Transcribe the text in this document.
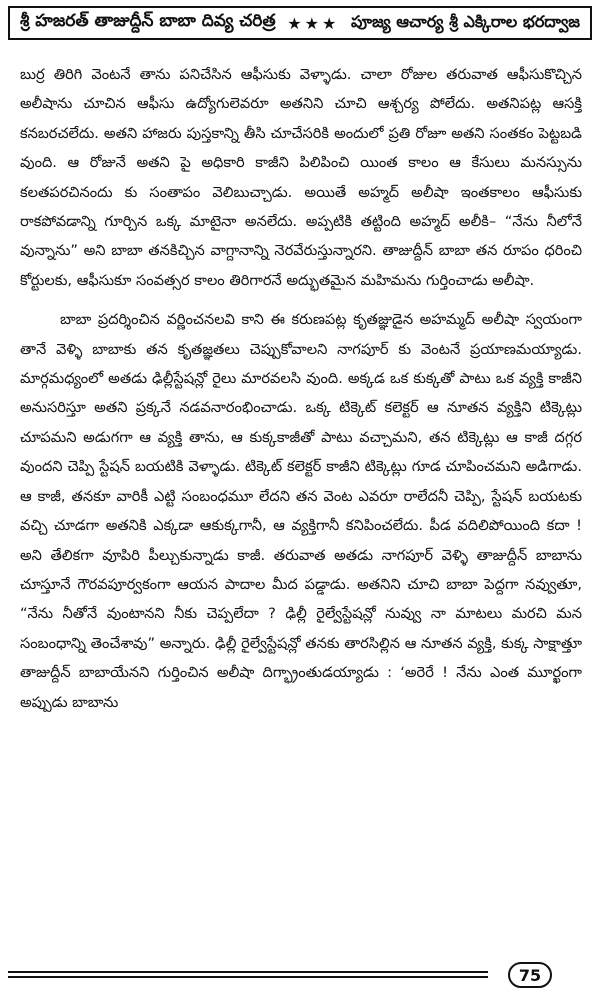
శ్రీ హజరత్ తాజుద్దీన్ బాబా దివ్య చరిత్ర ★★★ పూజ్య ఆచార్య శ్రీ ఎక్కిరాల భరద్వాజ

బుర్ర తిరిగి వెంటనే తాను పనిచేసిన ఆఫీసుకు వెళ్ళాడు. చాలా రోజుల తరువాత ఆఫీసుకొచ్చిన అలీషాను చూచిన ఆఫీసు ఉద్యోగులెవరూ అతనిని చూచి ఆశ్చర్య పోలేదు. అతనిపట్ల ఆసక్తి కనబరచలేదు. అతని హాజరు పుస్తకాన్ని తీసి చూచేసరికి అందులో ప్రతి రోజూ అతని సంతకం పెట్టబడి వుంది. ఆ రోజునే అతని పై అధికారి కాజీని పిలిపించి యింత కాలం ఆ కేసులు మనస్సును కలతపరచినందు కు సంతాపం వెలిబుచ్చాడు. అయితే అహ్మద్ అలీషా ఇంతకాలం ఆఫీసుకు రాకపోవడాన్ని గూర్చిన ఒక్క మాటైనా అనలేదు. అప్పటికి తట్టింది అహ్మద్ అలీకి– “నేను నీలోనే వున్నాను” అని బాబా తనకిచ్చిన వాగ్దానాన్ని నెరవేరుస్తున్నారని. తాజుద్దీన్ బాబా తన రూపం ధరించి కోర్టులకు, ఆఫీసుకూ సంవత్సర కాలం తిరిగారనే అద్భుతమైన మహిమను గుర్తించాడు అలీషా.

బాబా ప్రదర్శించిన వర్ణించనలవి కాని ఈ కరుణపట్ల కృతజ్ఞుడైన అహమ్మద్ అలీషా స్వయంగా తానే వెళ్ళి బాబాకు తన కృతజ్ఞతలు చెప్పుకోవాలని నాగపూర్ కు వెంటనే ప్రయాణమయ్యాడు. మార్గమధ్యంలో అతడు ఢిల్లీస్టేషన్లో రైలు మారవలసి వుంది. అక్కడ ఒక కుక్కతో పాటు ఒక వ్యక్తి కాజీని అనుసరిస్తూ అతని ప్రక్కనే నడవనారంభించాడు. ఒక్క టిక్కెట్ కలెక్టర్ ఆ నూతన వ్యక్తిని టిక్కెట్లు చూపమని అడుగగా ఆ వ్యక్తి తాను, ఆ కుక్కకాజీతో పాటు వచ్చామని, తన టిక్కెట్లు ఆ కాజీ దగ్గర వుందని చెప్పి స్టేషన్ బయటికి వెళ్ళాడు. టిక్కెట్ కలెక్టర్ కాజీని టిక్కెట్లు గూడ చూపించమని అడిగాడు. ఆ కాజీ, తనకూ వారికీ ఎట్టి సంబంధమూ లేదని తన వెంట ఎవరూ రాలేదనీ చెప్పి, స్టేషన్ బయటకు వచ్చి చూడగా అతనికి ఎక్కడా ఆకుక్కగానీ, ఆ వ్యక్తిగానీ కనిపించలేదు. పీడ వదిలిపోయింది కదా ! అని తేలికగా వూపిరి పీల్చుకున్నాడు కాజీ. తరువాత అతడు నాగపూర్ వెళ్ళి తాజుద్దీన్ బాబాను చూస్తూనే గౌరవపూర్వకంగా ఆయన పాదాల మీద పడ్డాడు. అతనిని చూచి బాబా పెద్దగా నవ్వుతూ, “నేను నీతోనే వుంటానని నీకు చెప్పలేదా ? ఢిల్లీ రైల్వేస్టేషన్లో నువ్వు నా మాటలు మరచి మన సంబంధాన్ని తెంచేశావు” అన్నారు. ఢిల్లీ రైల్వేస్టేషన్లో తనకు తారసిల్లిన ఆ నూతన వ్యక్తి, కుక్క సాక్షాత్తూ తాజుద్దీన్ బాబాయేనని గుర్తించిన అలీషా దిగ్భ్రాంతుడయ్యాడు : ‘అరెరే ! నేను ఎంత మూర్ఖంగా అప్పుడు బాబాను

75
